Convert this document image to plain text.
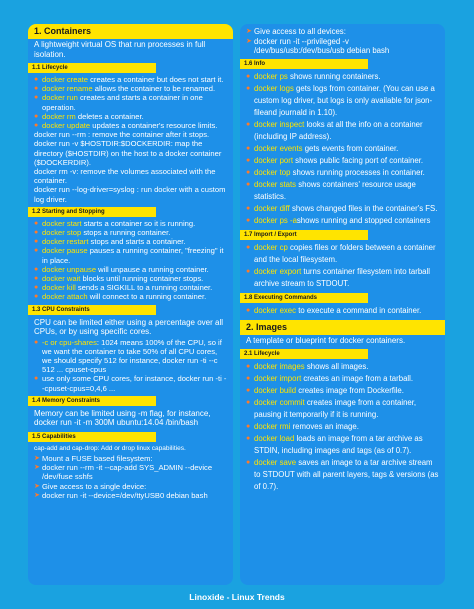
1. Containers

A lightweight virtual OS that run processes in full isolation.

1.1 Lifecycle

● docker create creates a container but does not start it.

● docker rename allows the container to be renamed.

● docker run creates and starts a container in one operation.

● docker rm deletes a container.

● docker update updates a container's resource limits.

docker run --rm : remove the container after it stops.

docker run -v $HOSTDIR:$DOCKERDIR: map the directory ($HOSTDIR) on the host to a docker container ($DOCKERDIR).

docker rm -v: remove the volumes associated with the container.

docker run --log-driver=syslog : run docker with a custom log driver.

1.2 Starting and Stopping

● docker start starts a container so it is running.

● docker stop stops a running container.

● docker restart stops and starts a container.

● docker pause pauses a running container, "freezing" it in place.

● docker unpause will unpause a running container.

● docker wait blocks until running container stops.

● docker kill sends a SIGKILL to a running container.

● docker attach will connect to a running container.

1.3 CPU Constraints

CPU can be limited either using a percentage over all CPUs, or by using specific cores.

● -c or cpu-shares: 1024 means 100% of the CPU, so if we want the container to take 50% of all CPU cores, we should specify 512 for instance, docker run -ti --c 512 ... cpuset-cpus

● use only some CPU cores, for instance, docker run -ti --cpuset-cpus=0,4,6 ...

1.4 Memory Constraints

Memory can be limited using -m flag, for instance, docker run -it -m 300M ubuntu:14.04 /bin/bash

1.5 Capabilities

cap-add and cap-drop: Add or drop linux capabilities.

➤ Mount a FUSE based filesystem:

➤ docker run --rm -it --cap-add SYS_ADMIN --device /dev/fuse sshfs

➤ Give access to a single device:

➤ docker run -it --device=/dev/ttyUSB0 debian bash

➤ Give access to all devices:

➤ docker run -it --privileged -v /dev/bus/usb:/dev/bus/usb debian bash

1.6 Info

● docker ps shows running containers.

● docker logs gets logs from container. (You can use a custom log driver, but logs is only available for json-fileand journald in 1.10).

● docker inspect looks at all the info on a container (including IP address).

● docker events gets events from container.

● docker port shows public facing port of container.

● docker top shows running processes in container.

● docker stats shows containers' resource usage statistics.

● docker diff shows changed files in the container's FS.

● docker ps -ashows running and stopped containers

1.7 Import / Export

● docker cp copies files or folders between a container and the local filesystem.

● docker export turns container filesystem into tarball archive stream to STDOUT.

1.8 Executing Commands

● docker exec to execute a command in container.

2. Images

A template or blueprint for docker containers.

2.1 Lifecycle

● docker images shows all images.

● docker import creates an image from a tarball.

● docker build creates image from Dockerfile.

● docker commit creates image from a container, pausing it temporarily if it is running.

● docker rmi removes an image.

● docker load loads an image from a tar archive as STDIN, including images and tags (as of 0.7).

● docker save saves an image to a tar archive stream to STDOUT with all parent layers, tags & versions (as of 0.7).

Linoxide - Linux Trends
